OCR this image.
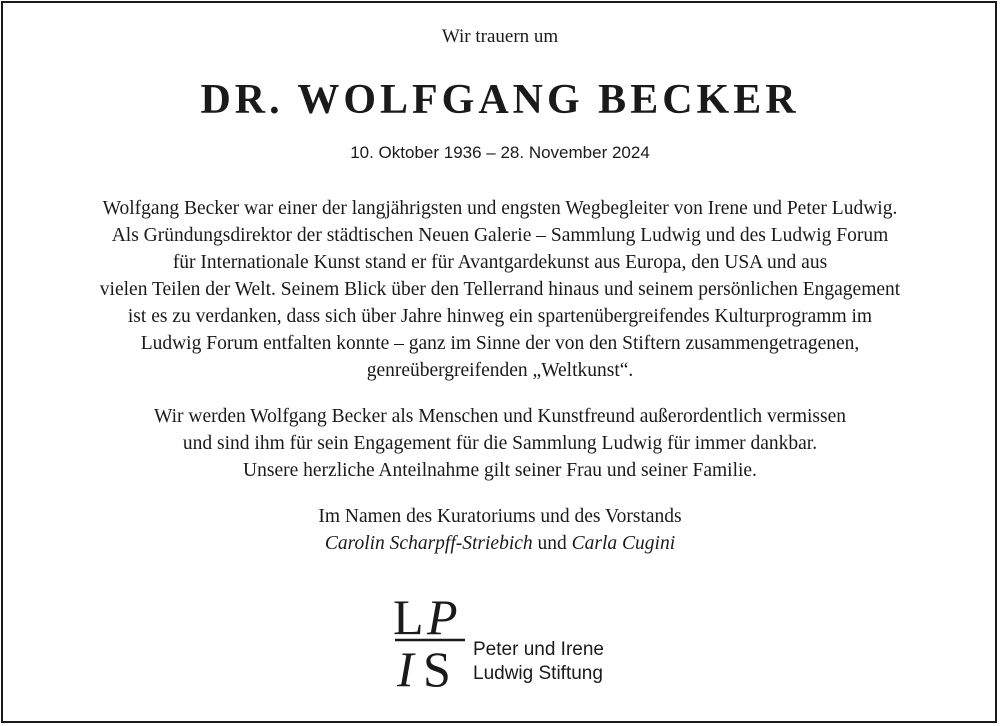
Wir trauern um
DR. WOLFGANG BECKER
10. Oktober 1936 – 28. November 2024
Wolfgang Becker war einer der langjährigsten und engsten Wegbegleiter von Irene und Peter Ludwig.
Als Gründungsdirektor der städtischen Neuen Galerie – Sammlung Ludwig und des Ludwig Forum
für Internationale Kunst stand er für Avantgardekunst aus Europa, den USA und aus
vielen Teilen der Welt. Seinem Blick über den Tellerrand hinaus und seinem persönlichen Engagement
ist es zu verdanken, dass sich über Jahre hinweg ein spartenübergreifendes Kulturprogramm im
Ludwig Forum entfalten konnte – ganz im Sinne der von den Stiftern zusammengetragenen,
genreübergreifenden „Weltkunst“.
Wir werden Wolfgang Becker als Menschen und Kunstfreund außerordentlich vermissen
und sind ihm für sein Engagement für die Sammlung Ludwig für immer dankbar.
Unsere herzliche Anteilnahme gilt seiner Frau und seiner Familie.
Im Namen des Kuratoriums und des Vorstands
Carolin Scharpff-Striebich und Carla Cugini
L P
I S Peter und Irene
Ludwig Stiftung
